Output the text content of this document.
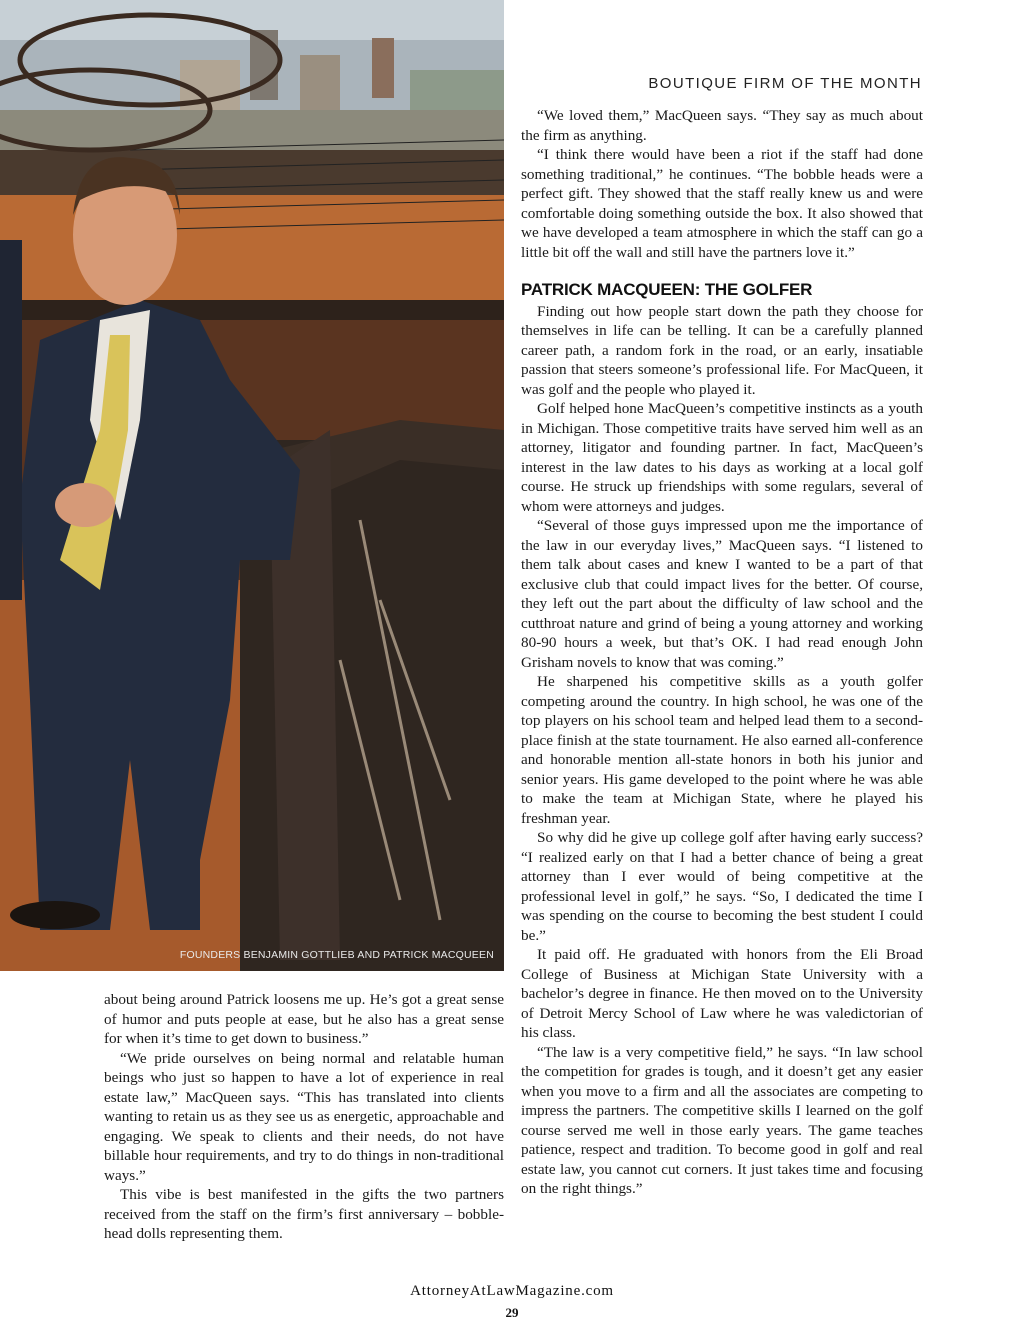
FOUNDERS BENJAMIN GOTTLIEB AND PATRICK MACQUEEN
BOUTIQUE FIRM OF THE MONTH

“We loved them,” MacQueen says. “They say as much about the firm as anything.

“I think there would have been a riot if the staff had done something traditional,” he continues. “The bobble heads were a perfect gift. They showed that the staff really knew us and were comfortable doing something outside the box. It also showed that we have developed a team atmosphere in which the staff can go a little bit off the wall and still have the partners love it.”

PATRICK MACQUEEN: THE GOLFER

Finding out how people start down the path they choose for themselves in life can be telling. It can be a carefully planned career path, a random fork in the road, or an early, insatiable passion that steers someone’s professional life. For MacQueen, it was golf and the people who played it.

Golf helped hone MacQueen’s competitive instincts as a youth in Michigan. Those competitive traits have served him well as an attorney, litigator and founding partner. In fact, MacQueen’s interest in the law dates to his days as working at a local golf course. He struck up friendships with some regulars, several of whom were attorneys and judges.

“Several of those guys impressed upon me the importance of the law in our everyday lives,” MacQueen says. “I listened to them talk about cases and knew I wanted to be a part of that exclusive club that could impact lives for the better. Of course, they left out the part about the difficulty of law school and the cutthroat nature and grind of being a young attorney and working 80-90 hours a week, but that’s OK. I had read enough John Grisham novels to know that was coming.”

He sharpened his competitive skills as a youth golfer competing around the country. In high school, he was one of the top players on his school team and helped lead them to a second-place finish at the state tournament. He also earned all-conference and honorable mention all-state honors in both his junior and senior years. His game developed to the point where he was able to make the team at Michigan State, where he played his freshman year.

So why did he give up college golf after having early success? “I realized early on that I had a better chance of being a great attorney than I ever would of being competitive at the professional level in golf,” he says. “So, I dedicated the time I was spending on the course to becoming the best student I could be.”

It paid off. He graduated with honors from the Eli Broad College of Business at Michigan State University with a bachelor’s degree in finance. He then moved on to the University of Detroit Mercy School of Law where he was valedictorian of his class.

“The law is a very competitive field,” he says. “In law school the competition for grades is tough, and it doesn’t get any easier when you move to a firm and all the associates are competing to impress the partners. The competitive skills I learned on the golf course served me well in those early years. The game teaches patience, respect and tradition. To become good in golf and real estate law, you cannot cut corners. It just takes time and focusing on the right things.”

about being around Patrick loosens me up. He’s got a great sense of humor and puts people at ease, but he also has a great sense for when it’s time to get down to business.”

“We pride ourselves on being normal and relatable human beings who just so happen to have a lot of experience in real estate law,” MacQueen says. “This has translated into clients wanting to retain us as they see us as energetic, approachable and engaging. We speak to clients and their needs, do not have billable hour requirements, and try to do things in non-traditional ways.”

This vibe is best manifested in the gifts the two partners received from the staff on the firm’s first anniversary – bobble-head dolls representing them.

AttorneyAtLawMagazine.com
29
